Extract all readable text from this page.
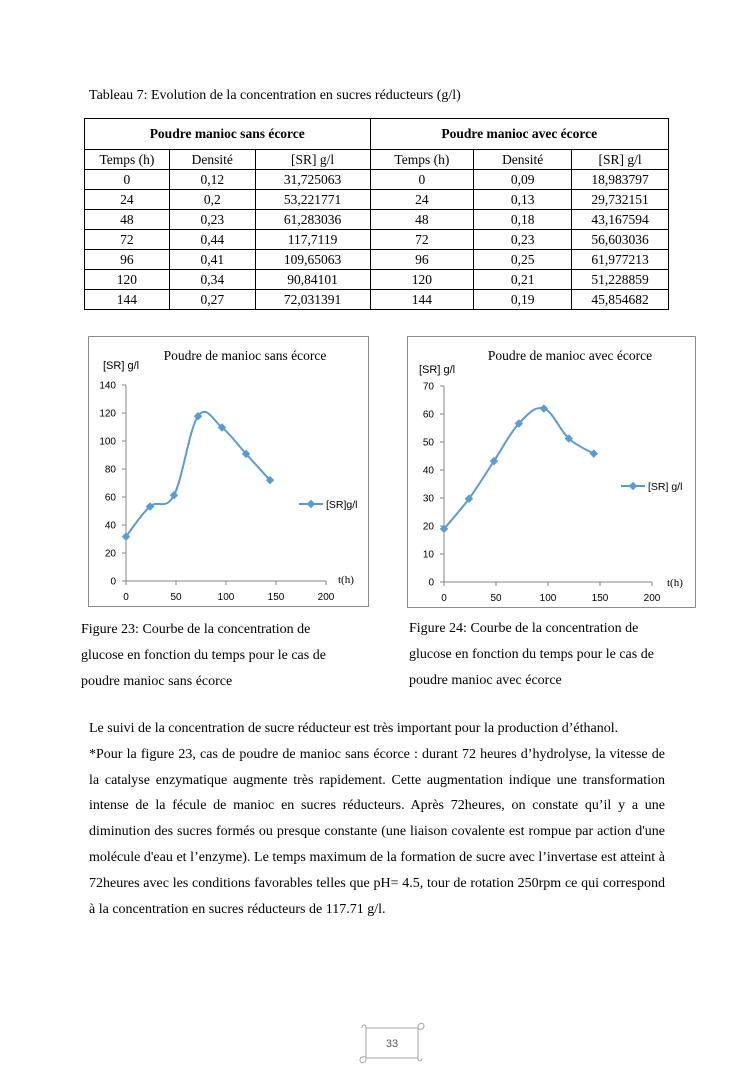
Tableau 7: Evolution de la concentration en sucres réducteurs (g/l)
Poudre manioc sans écorce			Poudre manioc avec écorce		
Temps (h)	Densité	[SR] g/l	Temps (h)	Densité	[SR] g/l
0	0,12	31,725063	0	0,09	18,983797
24	0,2	53,221771	24	0,13	29,732151
48	0,23	61,283036	48	0,18	43,167594
72	0,44	117,7119	72	0,23	56,603036
96	0,41	109,65063	96	0,25	61,977213
120	0,34	90,84101	120	0,21	51,228859
144	0,27	72,031391	144	0,19	45,854682
Poudre de manioc sans écorce
[SR] g/l
t(h)
0
20
40
60
80
100
120
140
0	50	100	150	200
[SR]g/l
Poudre de manioc avec écorce
[SR] g/l
t(h)
0
10
20
30
40
50
60
70
0	50	100	150	200
[SR] g/l
Figure 23: Courbe de la concentration de
glucose en fonction du temps pour le cas de
poudre manioc sans écorce
Figure 24: Courbe de la concentration de
glucose en fonction du temps pour le cas de
poudre manioc avec écorce

Le suivi de la concentration de sucre réducteur est très important pour la production d’éthanol.

*Pour la figure 23, cas de poudre de manioc sans écorce : durant 72 heures d’hydrolyse, la vitesse de la catalyse enzymatique augmente très rapidement. Cette augmentation indique une transformation intense de la fécule de manioc en sucres réducteurs. Après 72heures, on constate qu’il y a une diminution des sucres formés ou presque constante (une liaison covalente est rompue par action d'une molécule d'eau et l’enzyme). Le temps maximum de la formation de sucre avec l’invertase est atteint à 72heures avec les conditions favorables telles que pH= 4.5, tour de rotation 250rpm ce qui correspond à la concentration en sucres réducteurs de 117.71 g/l.

33
